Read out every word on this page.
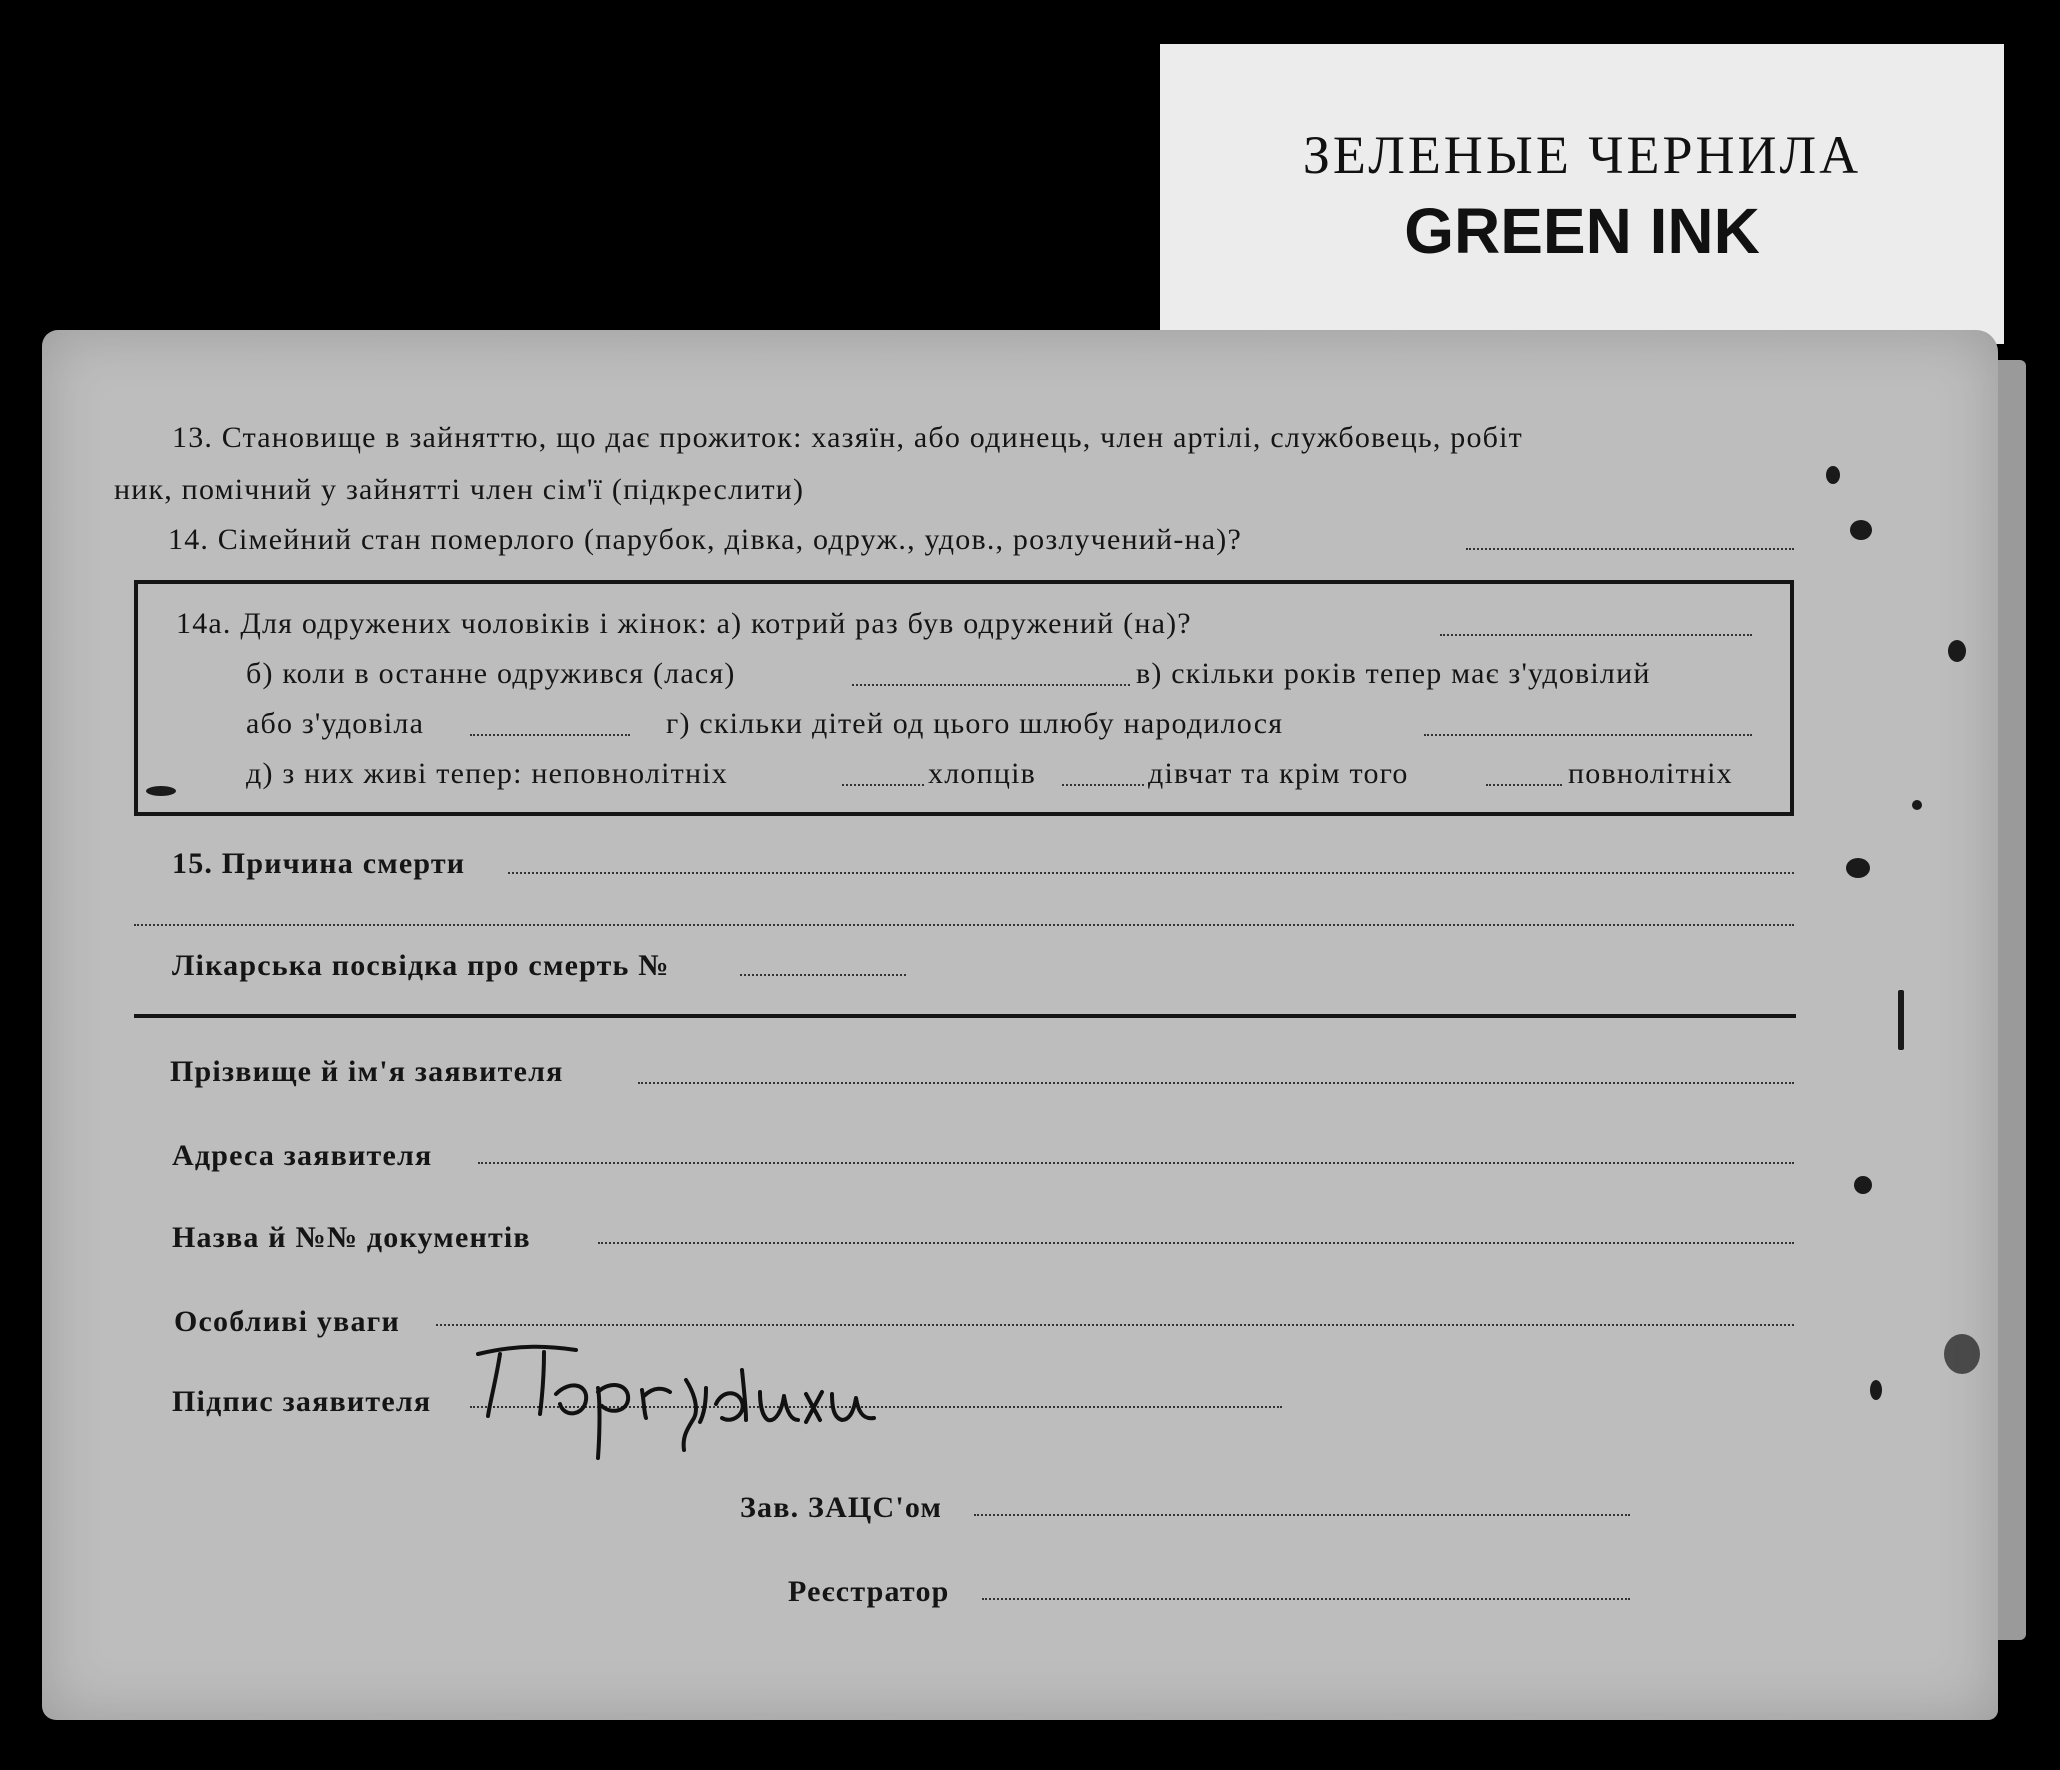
ЗЕЛЕНЫЕ ЧЕРНИЛА
GREEN INK
13. Становище в зайняттю, що дає прожиток: хазяїн, або одинець, член артілі, службовець, робіт
ник, помічний у зайнятті член сім'ї (підкреслити)
14. Сімейний стан померлого (парубок, дівка, одруж., удов., розлучений-на)?
14а. Для одружених чоловіків і жінок: а) котрий раз був одружений (на)?
б) коли в останне одружився (лася)	в) скільки років тепер має з'удовілий
або з'удовіла	г) скільки дітей од цього шлюбу народилося
д) з них живі тепер: неповнолітніх	хлопців	дівчат та крім того	повнолітніх
15. Причина смерти
Лікарська посвідка про смерть №
Прізвище й ім'я заявителя
Адреса заявителя
Назва й №№ документів
Особливі уваги
Підпис заявителя
Зав. ЗАЦС'ом
Реєстратор
